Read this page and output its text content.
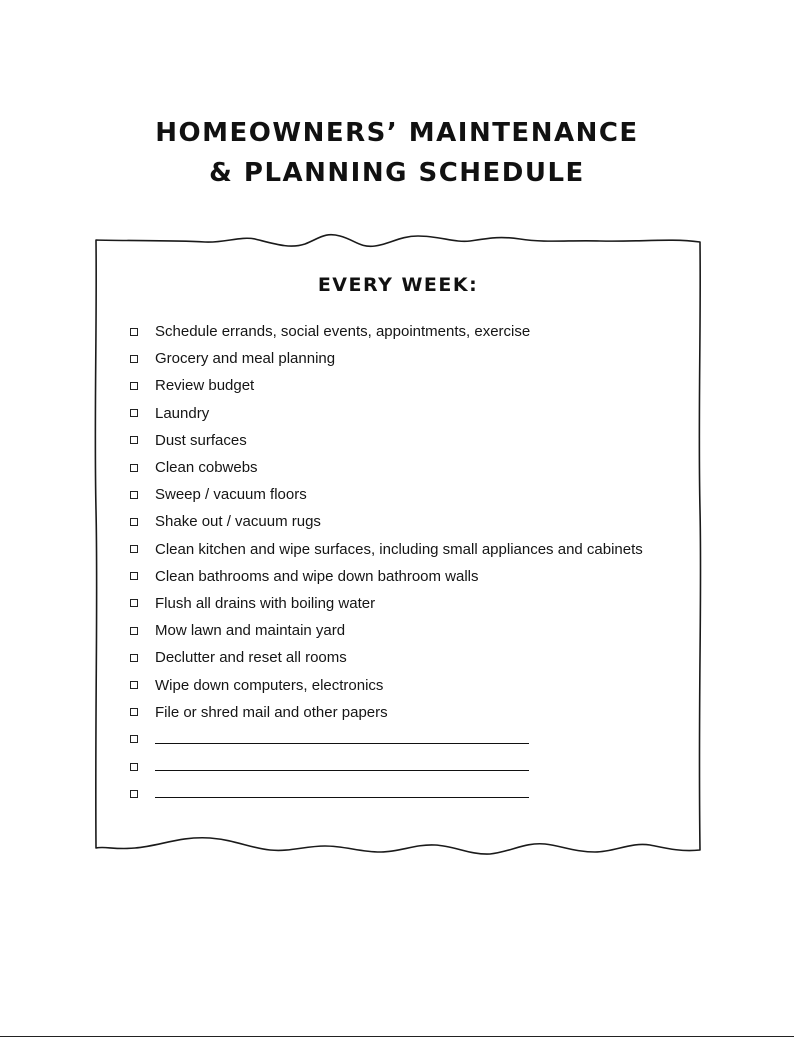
HOMEOWNERS’ MAINTENANCE
& PLANNING SCHEDULE
EVERY WEEK:
Schedule errands, social events, appointments, exercise
Grocery and meal planning
Review budget
Laundry
Dust surfaces
Clean cobwebs
Sweep / vacuum floors
Shake out / vacuum rugs
Clean kitchen and wipe surfaces, including small appliances and cabinets
Clean bathrooms and wipe down bathroom walls
Flush all drains with boiling water
Mow lawn and maintain yard
Declutter and reset all rooms
Wipe down computers, electronics
File or shred mail and other papers
